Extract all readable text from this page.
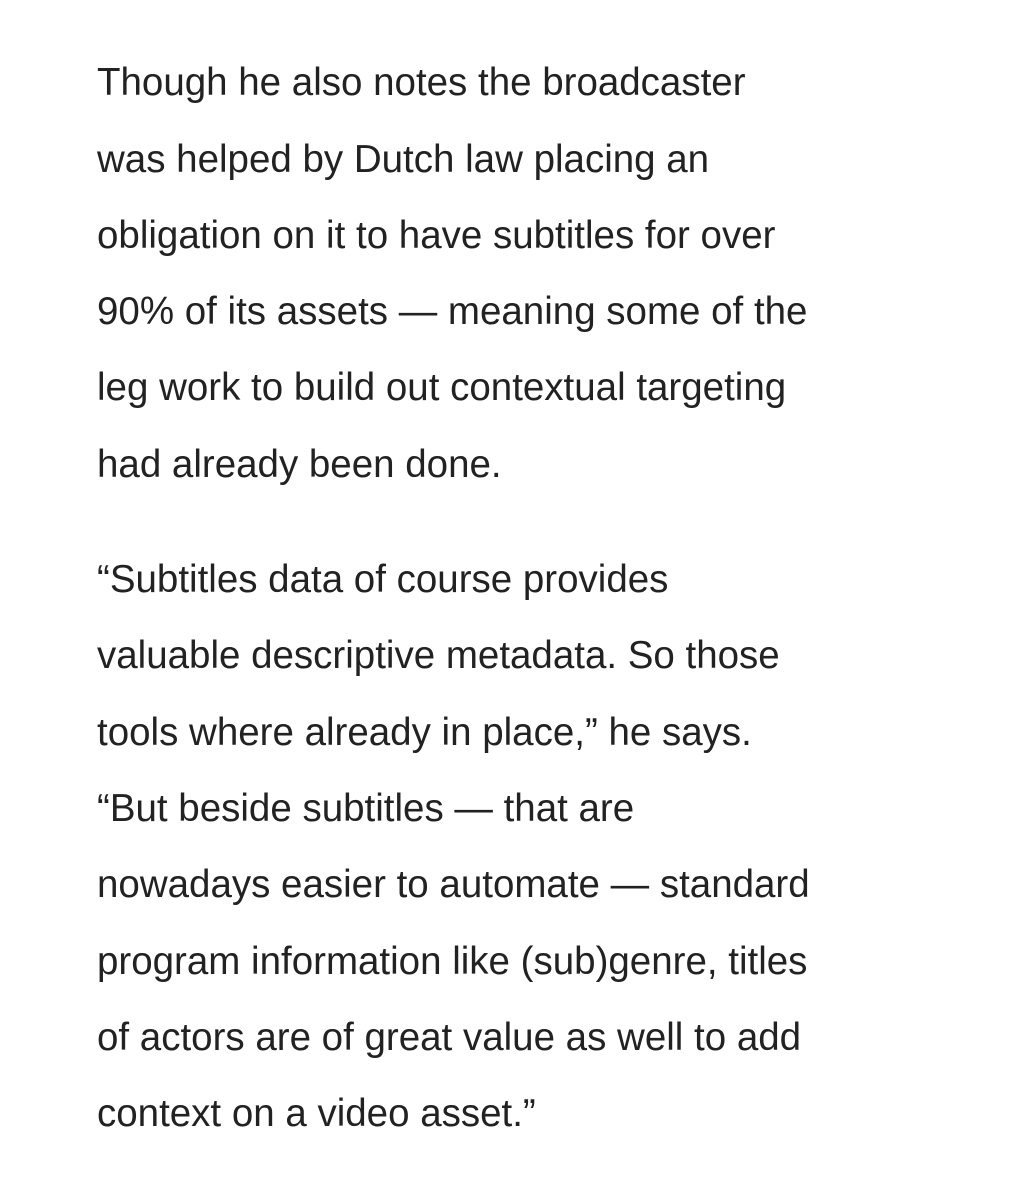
Though he also notes the broadcaster

was helped by Dutch law placing an

obligation on it to have subtitles for over

90% of its assets — meaning some of the

leg work to build out contextual targeting

had already been done.

“Subtitles data of course provides

valuable descriptive metadata. So those

tools where already in place,” he says.

“But beside subtitles — that are

nowadays easier to automate — standard

program information like (sub)genre, titles

of actors are of great value as well to add

context on a video asset.”
